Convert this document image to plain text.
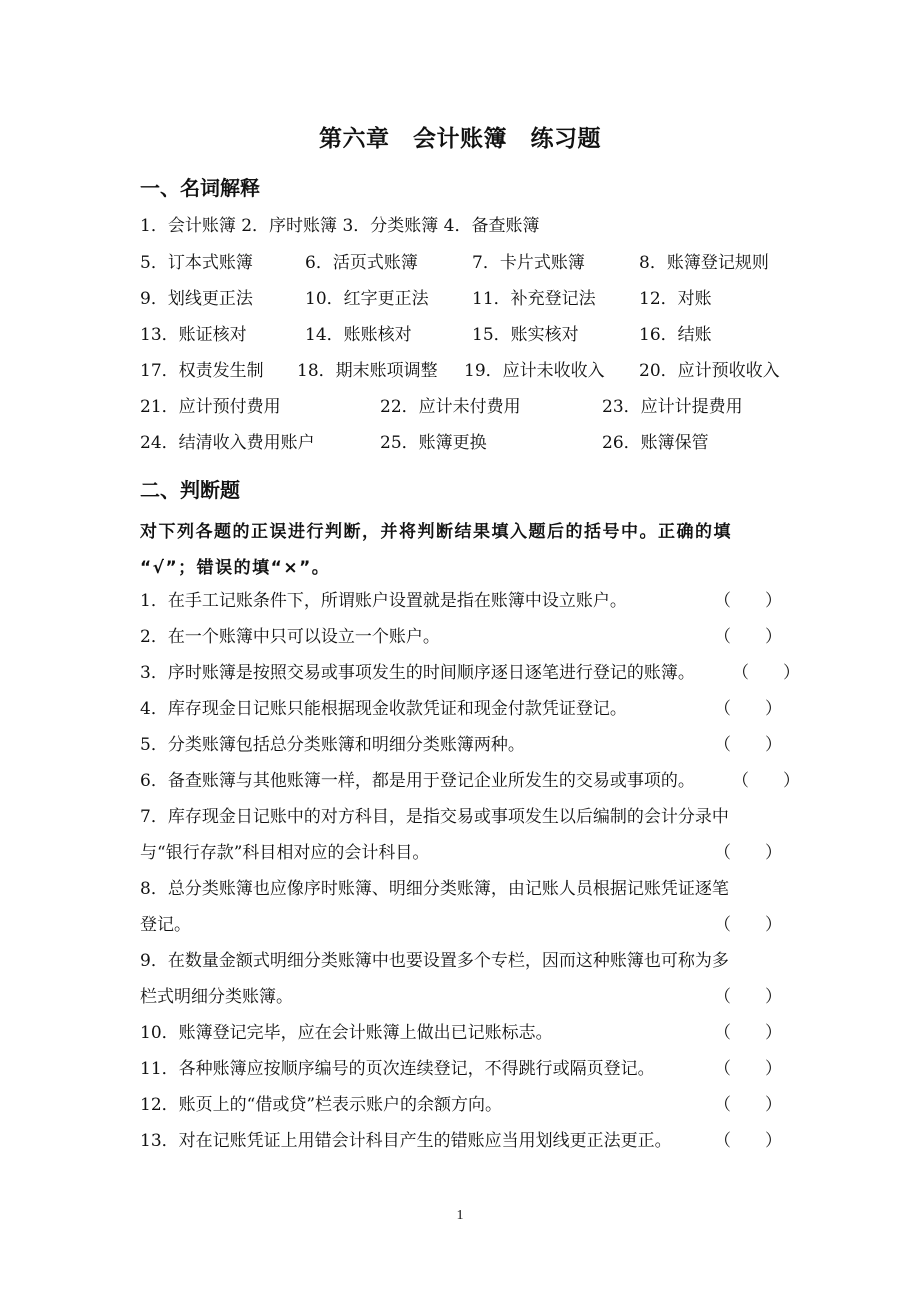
第六章　会计账簿　练习题
一、名词解释
1．会计账簿 2．序时账簿 3．分类账簿 4．备查账簿
5．订本式账簿	6．活页式账簿	7．卡片式账簿	8．账簿登记规则
9．划线更正法	10．红字更正法	11．补充登记法	12．对账
13．账证核对	14．账账核对	15．账实核对	16．结账
17．权责发生制 18．期末账项调整 19．应计未收收入 20．应计预收收入
21．应计预付费用	22．应计未付费用	23．应计计提费用
24．结清收入费用账户	25．账簿更换	26．账簿保管
二、判断题
对下列各题的正误进行判断，并将判断结果填入题后的括号中。正确的填
“√”；错误的填“×”。
1．在手工记账条件下，所谓账户设置就是指在账簿中设立账户。	（　　）
2．在一个账簿中只可以设立一个账户。	（　　）
3．序时账簿是按照交易或事项发生的时间顺序逐日逐笔进行登记的账簿。 （　　）
4．库存现金日记账只能根据现金收款凭证和现金付款凭证登记。	（　　）
5．分类账簿包括总分类账簿和明细分类账簿两种。	（　　）
6．备查账簿与其他账簿一样，都是用于登记企业所发生的交易或事项的。 （　　）
7．库存现金日记账中的对方科目，是指交易或事项发生以后编制的会计分录中
与“银行存款”科目相对应的会计科目。	（　　）
8．总分类账簿也应像序时账簿、明细分类账簿，由记账人员根据记账凭证逐笔
登记。	（　　）
9．在数量金额式明细分类账簿中也要设置多个专栏，因而这种账簿也可称为多
栏式明细分类账簿。	（　　）
10．账簿登记完毕，应在会计账簿上做出已记账标志。	（　　）
11．各种账簿应按顺序编号的页次连续登记，不得跳行或隔页登记。	（　　）
12．账页上的“借或贷”栏表示账户的余额方向。	（　　）
13．对在记账凭证上用错会计科目产生的错账应当用划线更正法更正。 （　　）
1
